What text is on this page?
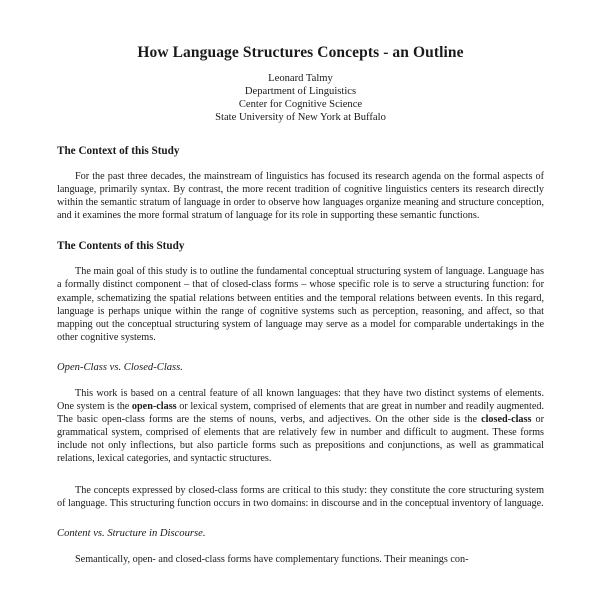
How Language Structures Concepts - an Outline
Leonard Talmy
Department of Linguistics
Center for Cognitive Science
State University of New York at Buffalo
The Context of this Study

For the past three decades, the mainstream of linguistics has focused its research agenda on the formal aspects of language, primarily syntax. By contrast, the more recent tradition of cognitive linguistics centers its research directly within the semantic stratum of language in order to observe how languages organize meaning and structure conception, and it examines the more formal stratum of language for its role in supporting these semantic functions.

The Contents of this Study

The main goal of this study is to outline the fundamental conceptual structuring system of language. Language has a formally distinct component – that of closed-class forms – whose specific role is to serve a structuring function: for example, schematizing the spatial relations between entities and the temporal relations between events. In this regard, language is perhaps unique within the range of cognitive systems such as perception, reasoning, and affect, so that mapping out the conceptual structuring system of language may serve as a model for comparable undertakings in the other cognitive systems.

Open-Class vs. Closed-Class.

This work is based on a central feature of all known languages: that they have two distinct systems of elements. One system is the open-class or lexical system, comprised of elements that are great in number and readily augmented. The basic open-class forms are the stems of nouns, verbs, and adjectives. On the other side is the closed-class or grammatical system, comprised of elements that are relatively few in number and difficult to augment. These forms include not only inflections, but also particle forms such as prepositions and conjunctions, as well as grammatical relations, lexical categories, and syntactic structures.

The concepts expressed by closed-class forms are critical to this study: they constitute the core structuring system of language. This structuring function occurs in two domains: in discourse and in the conceptual inventory of language.

Content vs. Structure in Discourse.

Semantically, open- and closed-class forms have complementary functions. Their meanings con-
